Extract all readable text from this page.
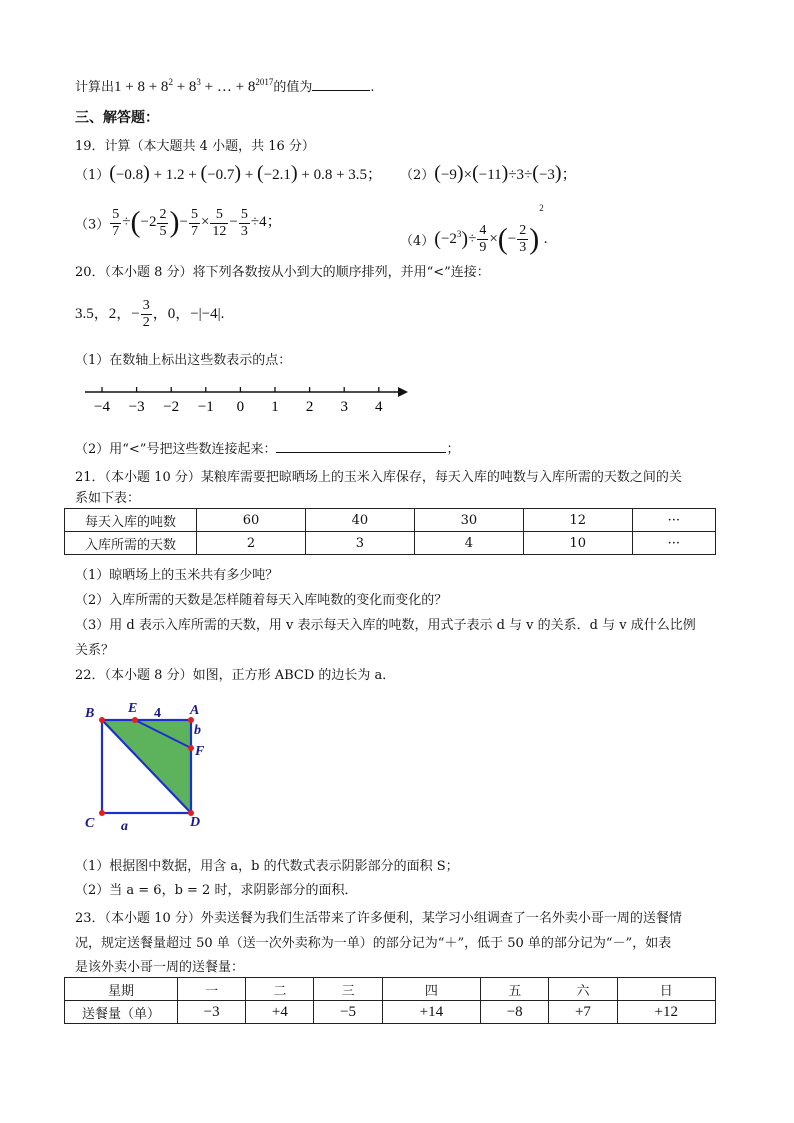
计算出$1 + 8 + 8^2 + 8^3$ + … + $8^{2017}$的值为	.
三、解答题：
19．计算（本大题共 4 小题，共 16 分）
（1）(−0.8) + 1.2 + (−0.7) + (−2.1) + 0.8 + 3.5； （2）(−9)×(−11)÷3÷(−3)；
$(3) \frac{5}{7} \div(-2 \frac{2}{5}$ )− $\frac{5}{7} \times \frac{5}{12} - \frac{5}{3} \div 4$；
$(4)(-2^3)\div \frac{4}{9}$ ×(− $\frac{2}{3} )^2$.
20．（本小题 8 分）将下列各数按从小到大的顺序排列，并用“<”连接：
3.5，2，− $\frac{3}{2}$ ，0，−|−4|.
（1）在数轴上标出这些数表示的点：
−4 −3 −2 −1 0 1 2 3 4
（2）用“<”号把这些数连接起来：	；
21．（本小题 10 分）某粮库需要把晾晒场上的玉米入库保存，每天入库的吨数与入库所需的天数之间的关
系如下表：
每天入库的吨数	60	40	30	12	···
入库所需的天数	2	3	4	10	···
（1）晾晒场上的玉米共有多少吨？
（2）入库所需的天数是怎样随着每天入库吨数的变化而变化的？
（3）用 d 表示入库所需的天数，用 v 表示每天入库的吨数，用式子表示 d 与 v 的关系．d 与 v 成什么比例
关系？
22．（本小题 8 分）如图，正方形 ABCD 的边长为 a．
B E 4 A
b
F
C a	D
（1）根据图中数据，用含 a，b 的代数式表示阴影部分的面积 S；
（2）当 a = 6，b = 2 时，求阴影部分的面积．
23．（本小题 10 分）外卖送餐为我们生活带来了许多便利，某学习小组调查了一名外卖小哥一周的送餐情
况，规定送餐量超过 50 单（送一次外卖称为一单）的部分记为“＋”，低于 50 单的部分记为“－”，如表
是该外卖小哥一周的送餐量：
星期	一	二	三	四	五	六	日
送餐量（单）	−3	+4	−5	+14	−8	+7	+12
